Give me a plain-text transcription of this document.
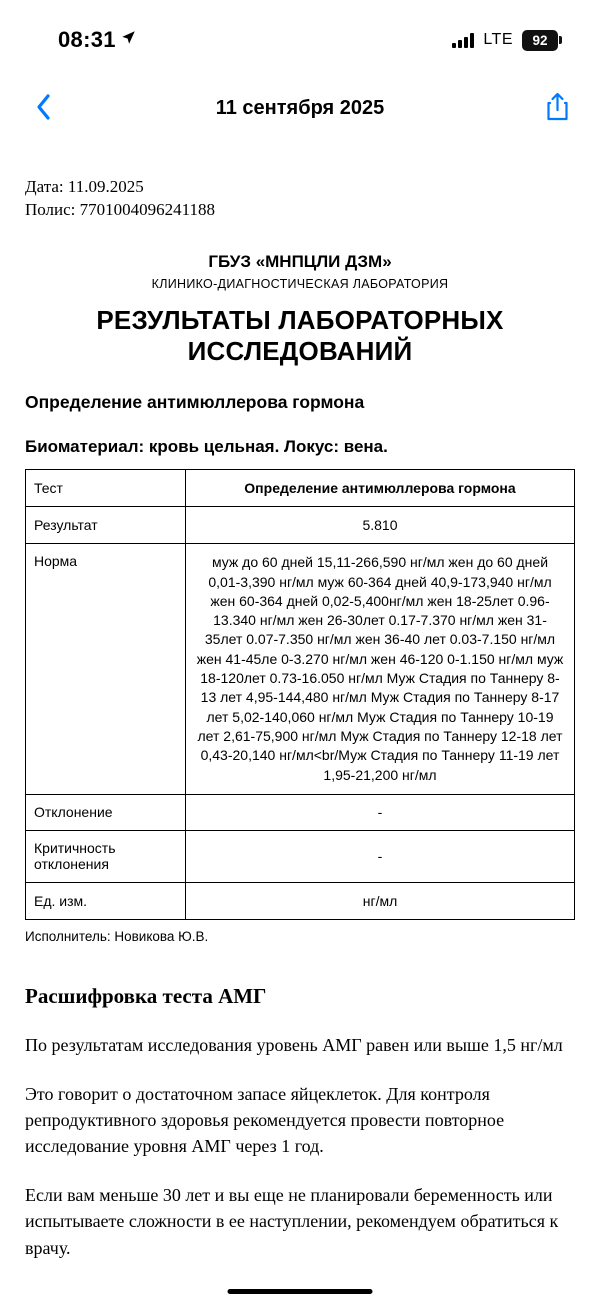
08:31	LTE	92
11 сентября 2025
Дата: 11.09.2025
Полис: 7701004096241188
ГБУЗ «МНПЦЛИ ДЗМ»
КЛИНИКО-ДИАГНОСТИЧЕСКАЯ ЛАБОРАТОРИЯ
РЕЗУЛЬТАТЫ ЛАБОРАТОРНЫХ ИССЛЕДОВАНИЙ
Определение антимюллерова гормона
Биоматериал: кровь цельная. Локус: вена.
Тест	Определение антимюллерова гормона
Результат	5.810
Норма	муж до 60 дней 15,11-266,590 нг/мл жен до 60 дней 0,01-3,390 нг/мл муж 60-364 дней 40,9-173,940 нг/мл жен 60-364 дней 0,02-5,400нг/мл жен 18-25лет 0.96-13.340 нг/мл жен 26-30лет 0.17-7.370 нг/мл жен 31-35лет 0.07-7.350 нг/мл жен 36-40 лет 0.03-7.150 нг/мл жен 41-45ле 0-3.270 нг/мл жен 46-120 0-1.150 нг/мл муж 18-120лет 0.73-16.050 нг/мл Муж Стадия по Таннеру 8-13 лет 4,95-144,480 нг/мл Муж Стадия по Таннеру 8-17 лет 5,02-140,060 нг/мл Муж Стадия по Таннеру 10-19 лет 2,61-75,900 нг/мл Муж Стадия по Таннеру 12-18 лет 0,43-20,140 нг/мл<br/Муж Стадия по Таннеру 11-19 лет 1,95-21,200 нг/мл
Отклонение	-
Критичность отклонения	-
Ед. изм.	нг/мл
Исполнитель: Новикова Ю.В.
Расшифровка теста АМГ
По результатам исследования уровень АМГ равен или выше 1,5 нг/мл
Это говорит о достаточном запасе яйцеклеток. Для контроля репродуктивного здоровья рекомендуется провести повторное исследование уровня АМГ через 1 год.
Если вам меньше 30 лет и вы еще не планировали беременность или испытываете сложности в ее наступлении, рекомендуем обратиться к врачу.
